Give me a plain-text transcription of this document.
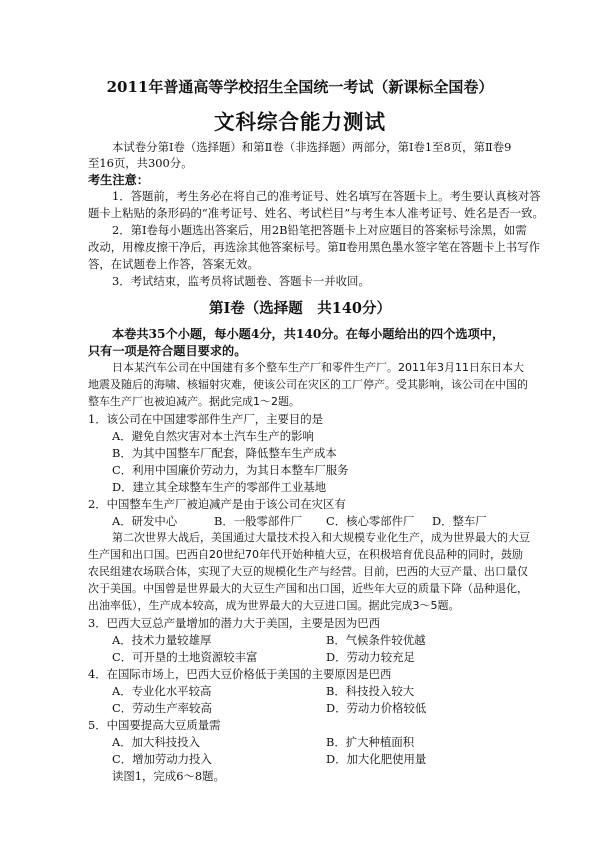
2011年普通高等学校招生全国统一考试（新课标全国卷）
文科综合能力测试
本试卷分第Ⅰ卷（选择题）和第Ⅱ卷（非选择题）两部分，第Ⅰ卷1至8页，第Ⅱ卷9
至16页，共300分。
考生注意：
1．答题前，考生务必在将自己的准考证号、姓名填写在答题卡上。考生要认真核对答
题卡上粘贴的条形码的“准考证号、姓名、考试栏目”与考生本人准考证号、姓名是否一致。
2．第Ⅰ卷每小题选出答案后，用2B铅笔把答题卡上对应题目的答案标号涂黑，如需
改动，用橡皮擦干净后，再选涂其他答案标号。第Ⅱ卷用黑色墨水签字笔在答题卡上书写作
答，在试题卷上作答，答案无效。
3．考试结束，监考员将试题卷、答题卡一并收回。
第Ⅰ卷（选择题　共140分）
本卷共35个小题，每小题4分，共140分。在每小题给出的四个选项中，
只有一项是符合题目要求的。
日本某汽车公司在中国建有多个整车生产厂和零件生产厂。2011年3月11日东日本大
地震及随后的海啸、核辐射灾难，使该公司在灾区的工厂停产。受其影响，该公司在中国的
整车生产厂也被迫减产。据此完成1～2题。
1．该公司在中国建零部件生产厂，主要目的是
A．避免自然灾害对本土汽车生产的影响
B．为其中国整车厂配套，降低整车生产成本
C．利用中国廉价劳动力，为其日本整车厂服务
D．建立其全球整车生产的零部件工业基地
2．中国整车生产厂被迫减产是由于该公司在灾区有
A．研发中心	B．一般零部件厂 C．核心零部件厂 D．整车厂
第二次世界大战后，美国通过大量技术投入和大规模专业化生产，成为世界最大的大豆
生产国和出口国。巴西自20世纪70年代开始种植大豆，在积极培育优良品种的同时，鼓励
农民组建农场联合体，实现了大豆的规模化生产与经营。目前，巴西的大豆产量、出口量仅
次于美国。中国曾是世界最大的大豆生产国和出口国，近些年大豆的质量下降（品种退化，
出油率低），生产成本较高，成为世界最大的大豆进口国。据此完成3～5题。
3．巴西大豆总产量增加的潜力大于美国，主要是因为巴西
A．技术力量较雄厚	B．气候条件较优越
C．可开垦的土地资源较丰富	D．劳动力较充足
4．在国际市场上，巴西大豆价格低于美国的主要原因是巴西
A．专业化水平较高	B．科技投入较大
C．劳动生产率较高	D．劳动力价格较低
5．中国要提高大豆质量需
A．加大科技投入	B．扩大种植面积
C．增加劳动力投入	D．加大化肥使用量
读图1，完成6～8题。
